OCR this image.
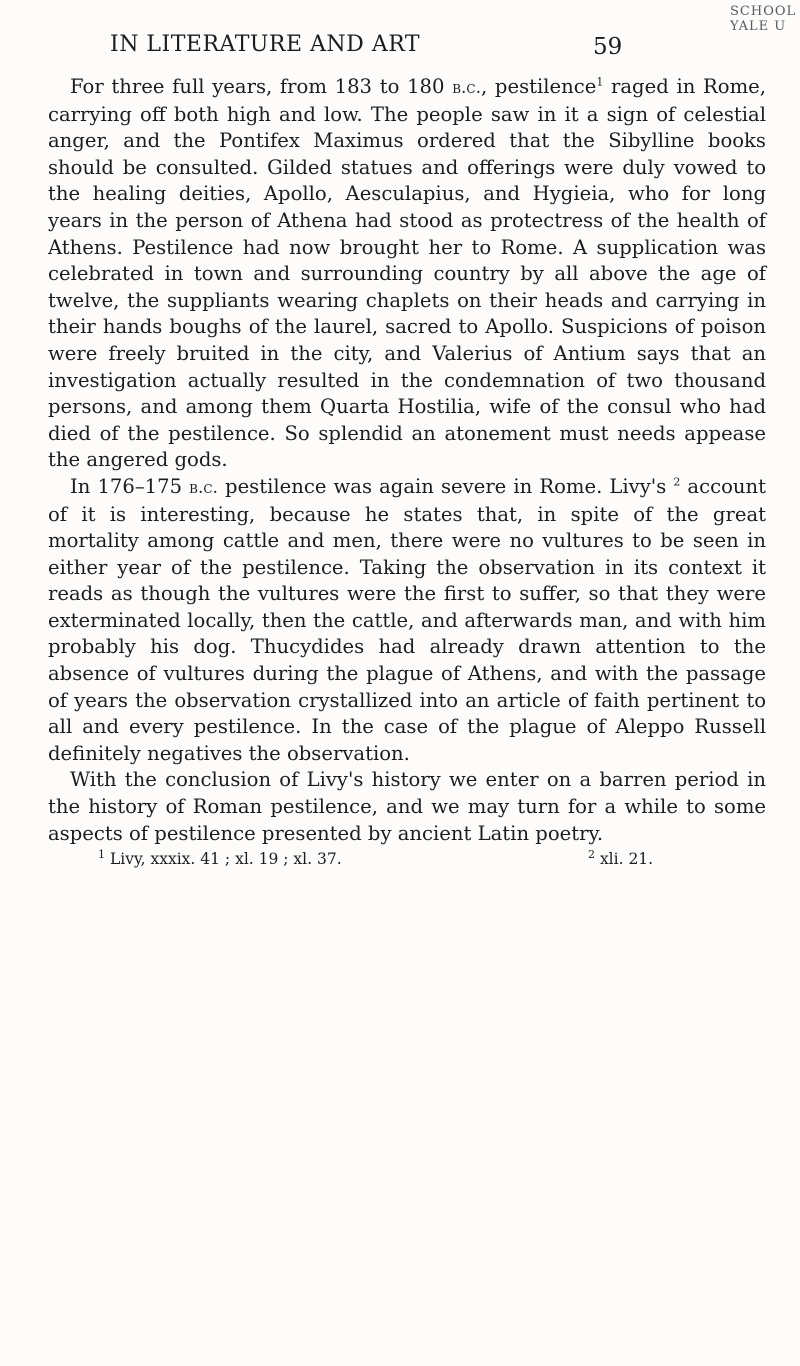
IN LITERATURE AND ART	59
SCHOOL
YALE U

For three full years, from 183 to 180 b.c., pestilence$^1$ raged in Rome, carrying off both high and low. The people saw in it a sign of celestial anger, and the Pontifex Maximus ordered that the Sibylline books should be consulted. Gilded statues and offerings were duly vowed to the healing deities, Apollo, Aesculapius, and Hygieia, who for long years in the person of Athena had stood as protectress of the health of Athens. Pestilence had now brought her to Rome. A supplication was celebrated in town and surrounding country by all above the age of twelve, the suppliants wearing chaplets on their heads and carrying in their hands boughs of the laurel, sacred to Apollo. Suspicions of poison were freely bruited in the city, and Valerius of Antium says that an investigation actually resulted in the condemnation of two thousand persons, and among them Quarta Hostilia, wife of the consul who had died of the pestilence. So splendid an atonement must needs appease the angered gods.

In 176–175 b.c. pestilence was again severe in Rome. Livy's $^2$ account of it is interesting, because he states that, in spite of the great mortality among cattle and men, there were no vultures to be seen in either year of the pestilence. Taking the observation in its context it reads as though the vultures were the first to suffer, so that they were exterminated locally, then the cattle, and afterwards man, and with him probably his dog. Thucydides had already drawn attention to the absence of vultures during the plague of Athens, and with the passage of years the observation crystallized into an article of faith pertinent to all and every pestilence. In the case of the plague of Aleppo Russell definitely negatives the observation.

With the conclusion of Livy's history we enter on a barren period in the history of Roman pestilence, and we may turn for a while to some aspects of pestilence presented by ancient Latin poetry.

$^1$ Livy, xxxix. 41 ; xl. 19 ; xl. 37.	$^2$ xli. 21.
